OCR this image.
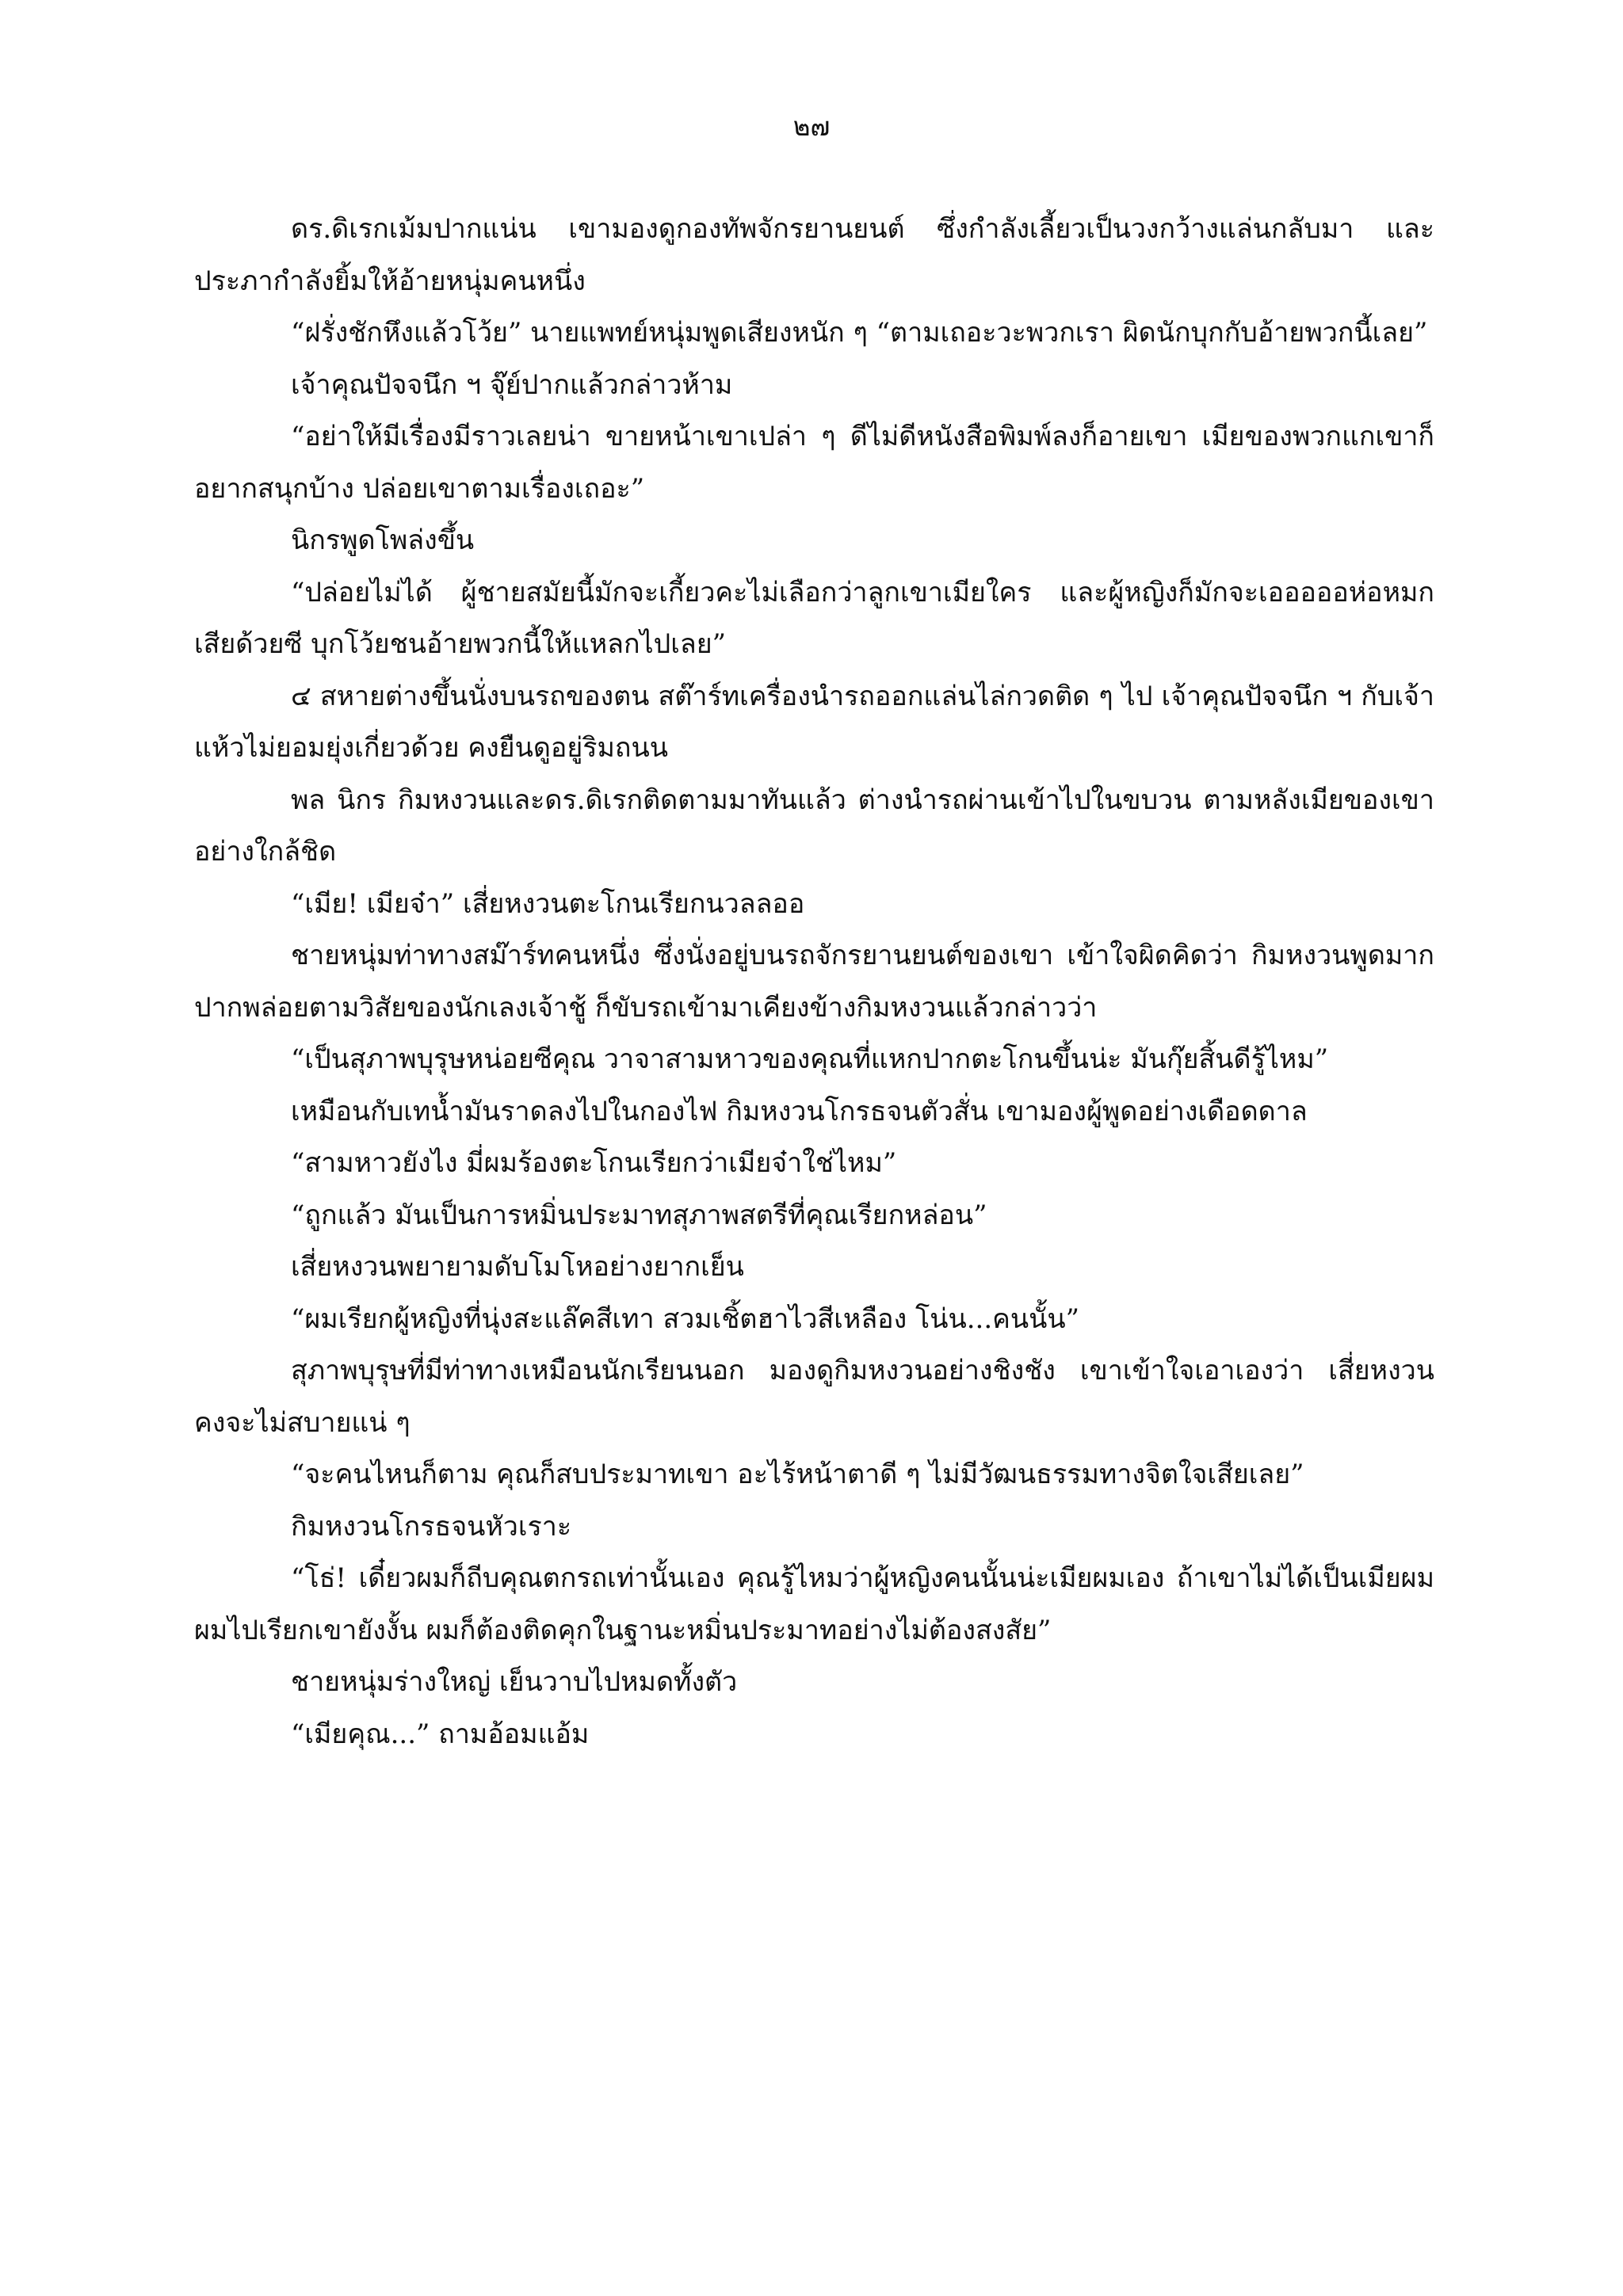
๒๗

ดร.ดิเรกเม้มปากแน่น เขามองดูกองทัพจักรยานยนต์ ซึ่งกำลังเลี้ยวเป็นวงกว้างแล่นกลับมา และประภากำลังยิ้มให้อ้ายหนุ่มคนหนึ่ง

“ฝรั่งชักหึงแล้วโว้ย” นายแพทย์หนุ่มพูดเสียงหนัก ๆ “ตามเถอะวะพวกเรา ผิดนักบุกกับอ้ายพวกนี้เลย”

เจ้าคุณปัจจนึก ฯ จุ๊ย์ปากแล้วกล่าวห้าม

“อย่าให้มีเรื่องมีราวเลยน่า ขายหน้าเขาเปล่า ๆ ดีไม่ดีหนังสือพิมพ์ลงก็อายเขา เมียของพวกแกเขาก็อยากสนุกบ้าง ปล่อยเขาตามเรื่องเถอะ”

นิกรพูดโพล่งขึ้น

“ปล่อยไม่ได้ ผู้ชายสมัยนี้มักจะเกี้ยวคะไม่เลือกว่าลูกเขาเมียใคร และผู้หญิงก็มักจะเอออออห่อหมกเสียด้วยซี บุกโว้ยชนอ้ายพวกนี้ให้แหลกไปเลย”

๔ สหายต่างขึ้นนั่งบนรถของตน สต๊าร์ทเครื่องนำรถออกแล่นไล่กวดติด ๆ ไป เจ้าคุณปัจจนึก ฯ กับเจ้าแห้วไม่ยอมยุ่งเกี่ยวด้วย คงยืนดูอยู่ริมถนน

พล นิกร กิมหงวนและดร.ดิเรกติดตามมาทันแล้ว ต่างนำรถผ่านเข้าไปในขบวน ตามหลังเมียของเขาอย่างใกล้ชิด

“เมีย! เมียจ๋า” เสี่ยหงวนตะโกนเรียกนวลลออ

ชายหนุ่มท่าทางสม๊าร์ทคนหนึ่ง ซึ่งนั่งอยู่บนรถจักรยานยนต์ของเขา เข้าใจผิดคิดว่า กิมหงวนพูดมากปากพล่อยตามวิสัยของนักเลงเจ้าชู้ ก็ขับรถเข้ามาเคียงข้างกิมหงวนแล้วกล่าวว่า

“เป็นสุภาพบุรุษหน่อยซีคุณ วาจาสามหาวของคุณที่แหกปากตะโกนขึ้นน่ะ มันกุ๊ยสิ้นดีรู้ไหม”

เหมือนกับเทน้ำมันราดลงไปในกองไฟ กิมหงวนโกรธจนตัวสั่น เขามองผู้พูดอย่างเดือดดาล

“สามหาวยังไง มี่ผมร้องตะโกนเรียกว่าเมียจ๋าใช่ไหม”

“ถูกแล้ว มันเป็นการหมิ่นประมาทสุภาพสตรีที่คุณเรียกหล่อน”

เสี่ยหงวนพยายามดับโมโหอย่างยากเย็น

“ผมเรียกผู้หญิงที่นุ่งสะแล๊คสีเทา สวมเชิ้ตฮาไวสีเหลือง โน่น...คนนั้น”

สุภาพบุรุษที่มีท่าทางเหมือนนักเรียนนอก มองดูกิมหงวนอย่างชิงชัง เขาเข้าใจเอาเองว่า เสี่ยหงวนคงจะไม่สบายแน่ ๆ

“จะคนไหนก็ตาม คุณก็สบประมาทเขา อะไร้หน้าตาดี ๆ ไม่มีวัฒนธรรมทางจิตใจเสียเลย”

กิมหงวนโกรธจนหัวเราะ

“โธ่! เดี๋ยวผมก็ถีบคุณตกรถเท่านั้นเอง คุณรู้ไหมว่าผู้หญิงคนนั้นน่ะเมียผมเอง ถ้าเขาไม่ได้เป็นเมียผม ผมไปเรียกเขายังงั้น ผมก็ต้องติดคุกในฐานะหมิ่นประมาทอย่างไม่ต้องสงสัย”

ชายหนุ่มร่างใหญ่ เย็นวาบไปหมดทั้งตัว

“เมียคุณ...” ถามอ้อมแอ้ม
